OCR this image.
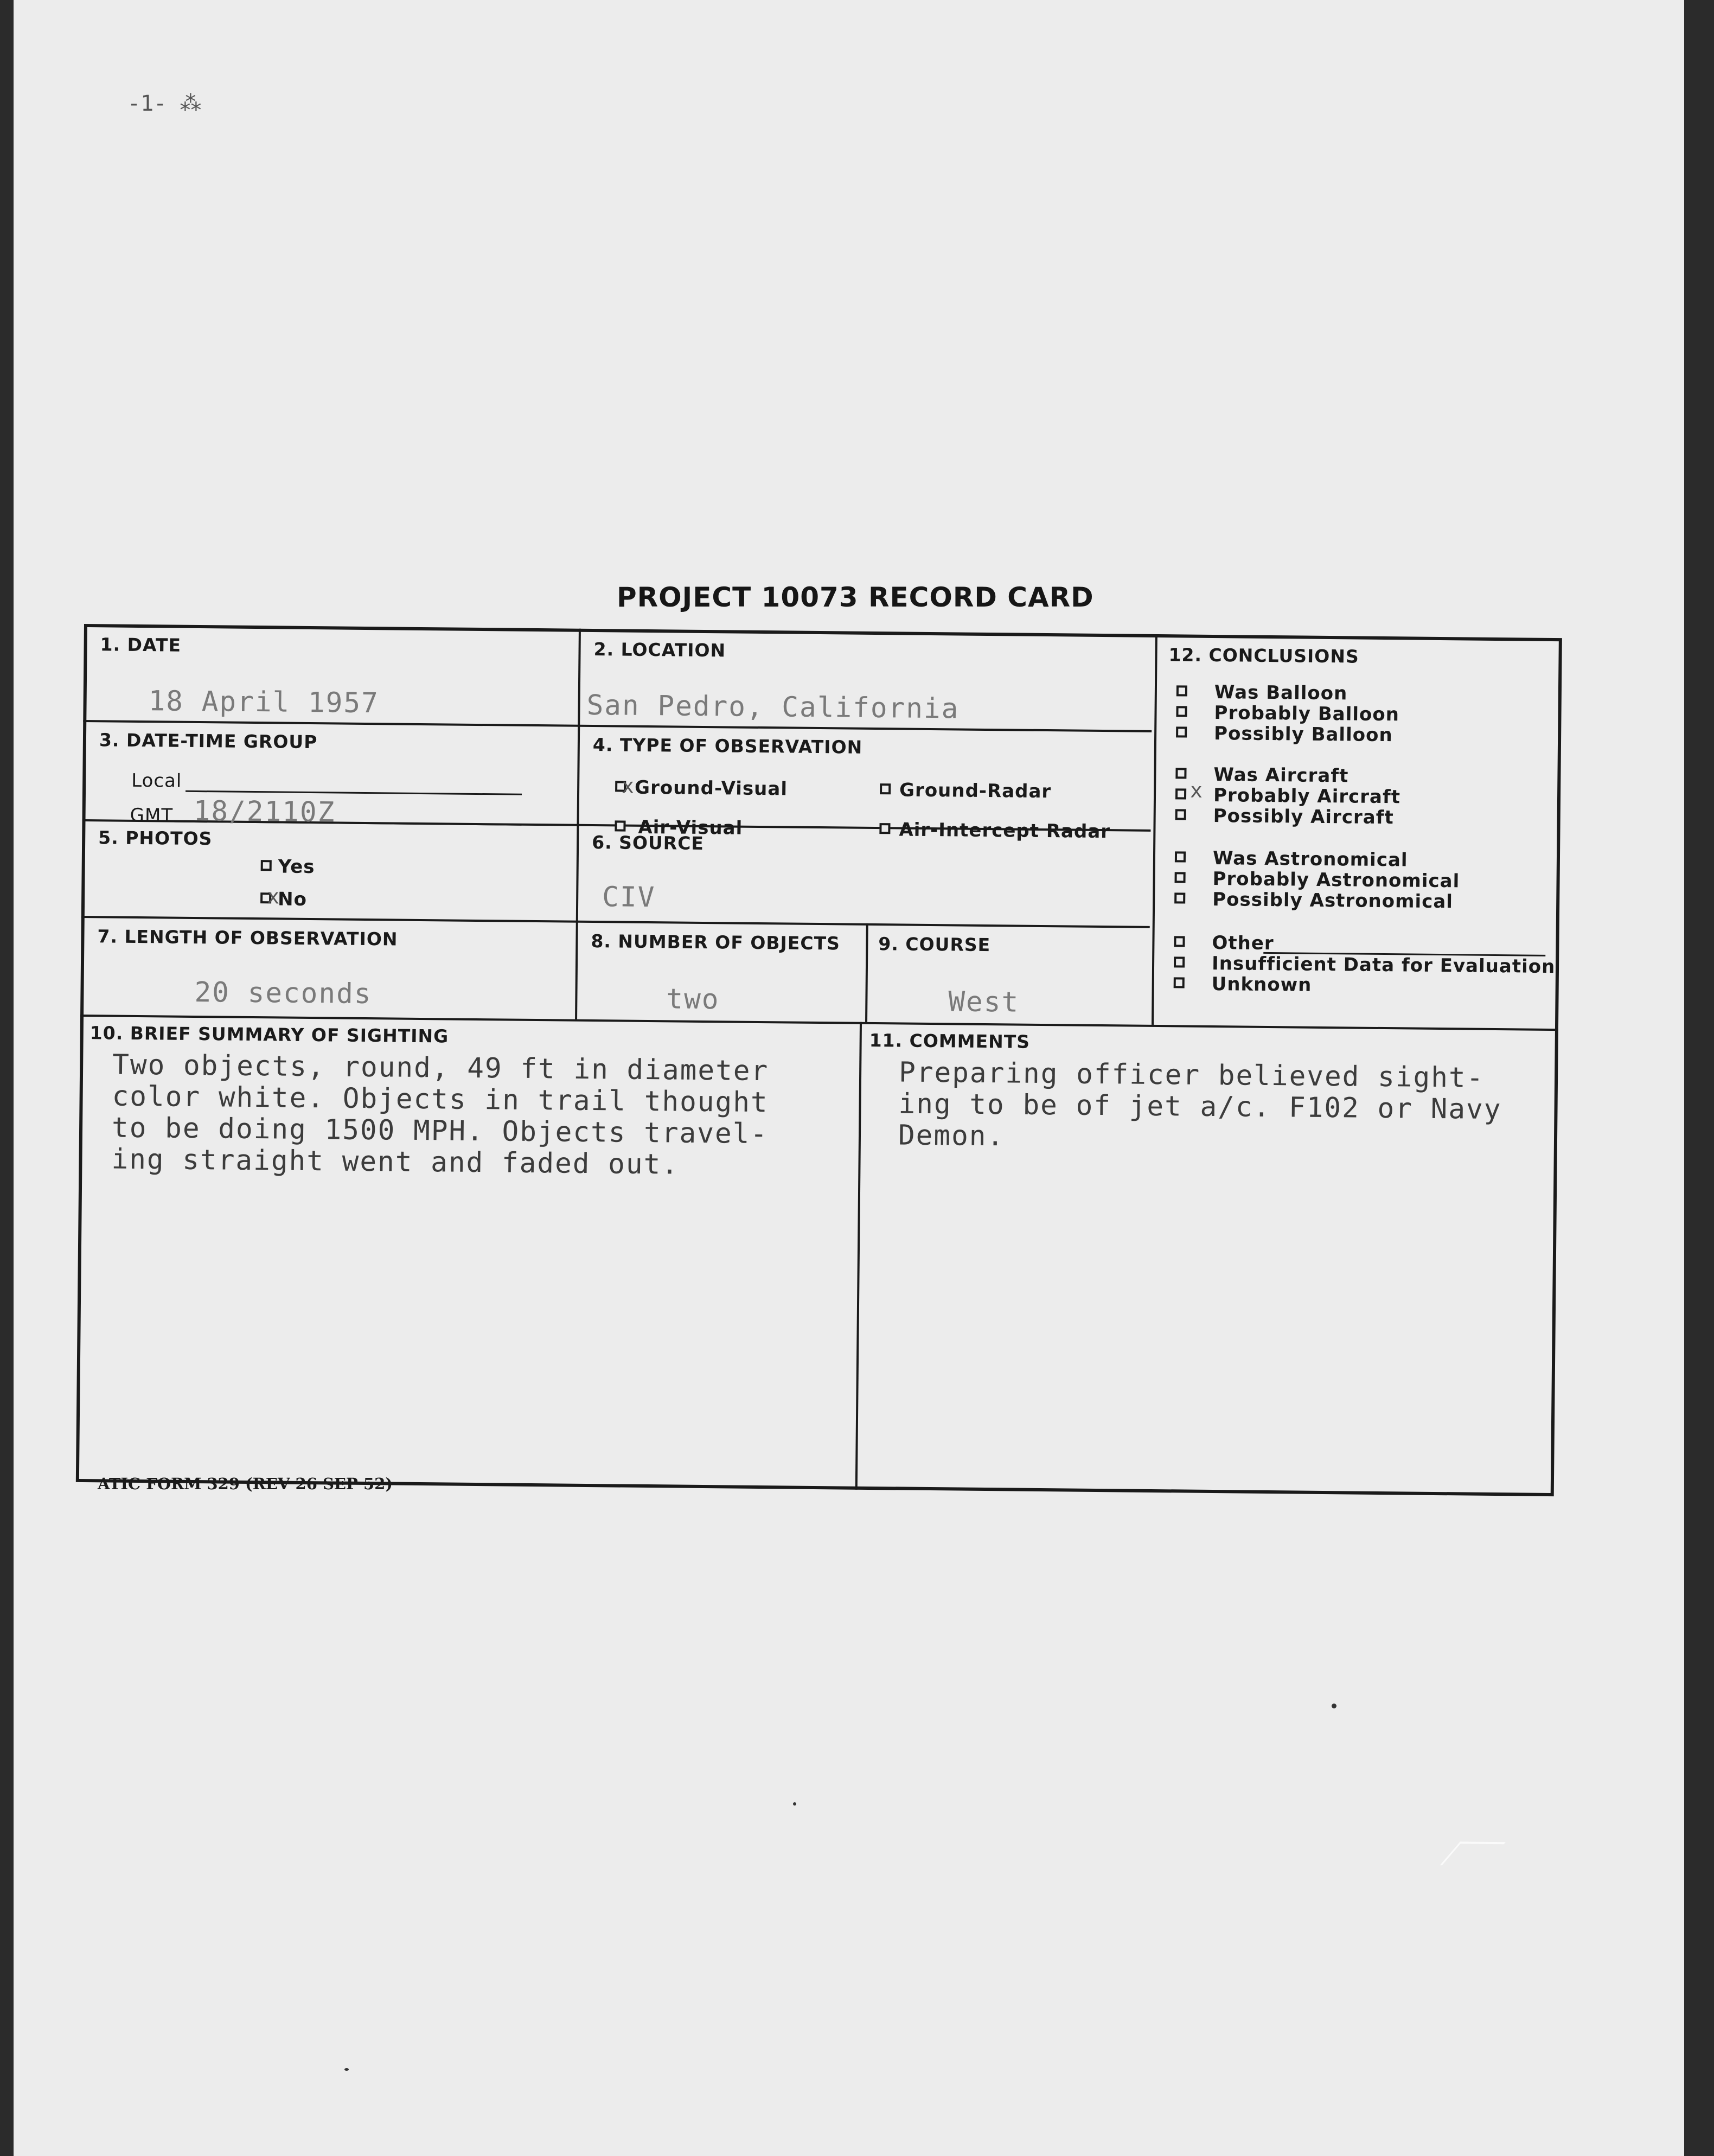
-1- ⁂
PROJECT 10073 RECORD CARD
1. DATE
18 April 1957
2. LOCATION
San Pedro, California
3. DATE-TIME GROUP
Local
GMT 18/2110Z
4. TYPE OF OBSERVATION
x Ground-Visual	Ground-Radar
Air-Visual	Air-Intercept Radar
5. PHOTOS
Yes
x
No
6. SOURCE
CIV
7. LENGTH OF OBSERVATION
20 seconds
8. NUMBER OF OBJECTS
two
9. COURSE
West
10. BRIEF SUMMARY OF SIGHTING
Two objects, round, 49 ft in diameter
color white. Objects in trail thought
to be doing 1500 MPH. Objects travel-
ing straight went and faded out.
11. COMMENTS
Preparing officer believed sight-
ing to be of jet a/c. F102 or Navy
Demon.
12. CONCLUSIONS
Was Balloon
Probably Balloon
Possibly Balloon
Was Aircraft
x Probably Aircraft
Possibly Aircraft
Was Astronomical
Probably Astronomical
Possibly Astronomical
Other
Insufficient Data for Evaluation
Unknown
ATIC FORM 329 (REV 26 SEP 52)
